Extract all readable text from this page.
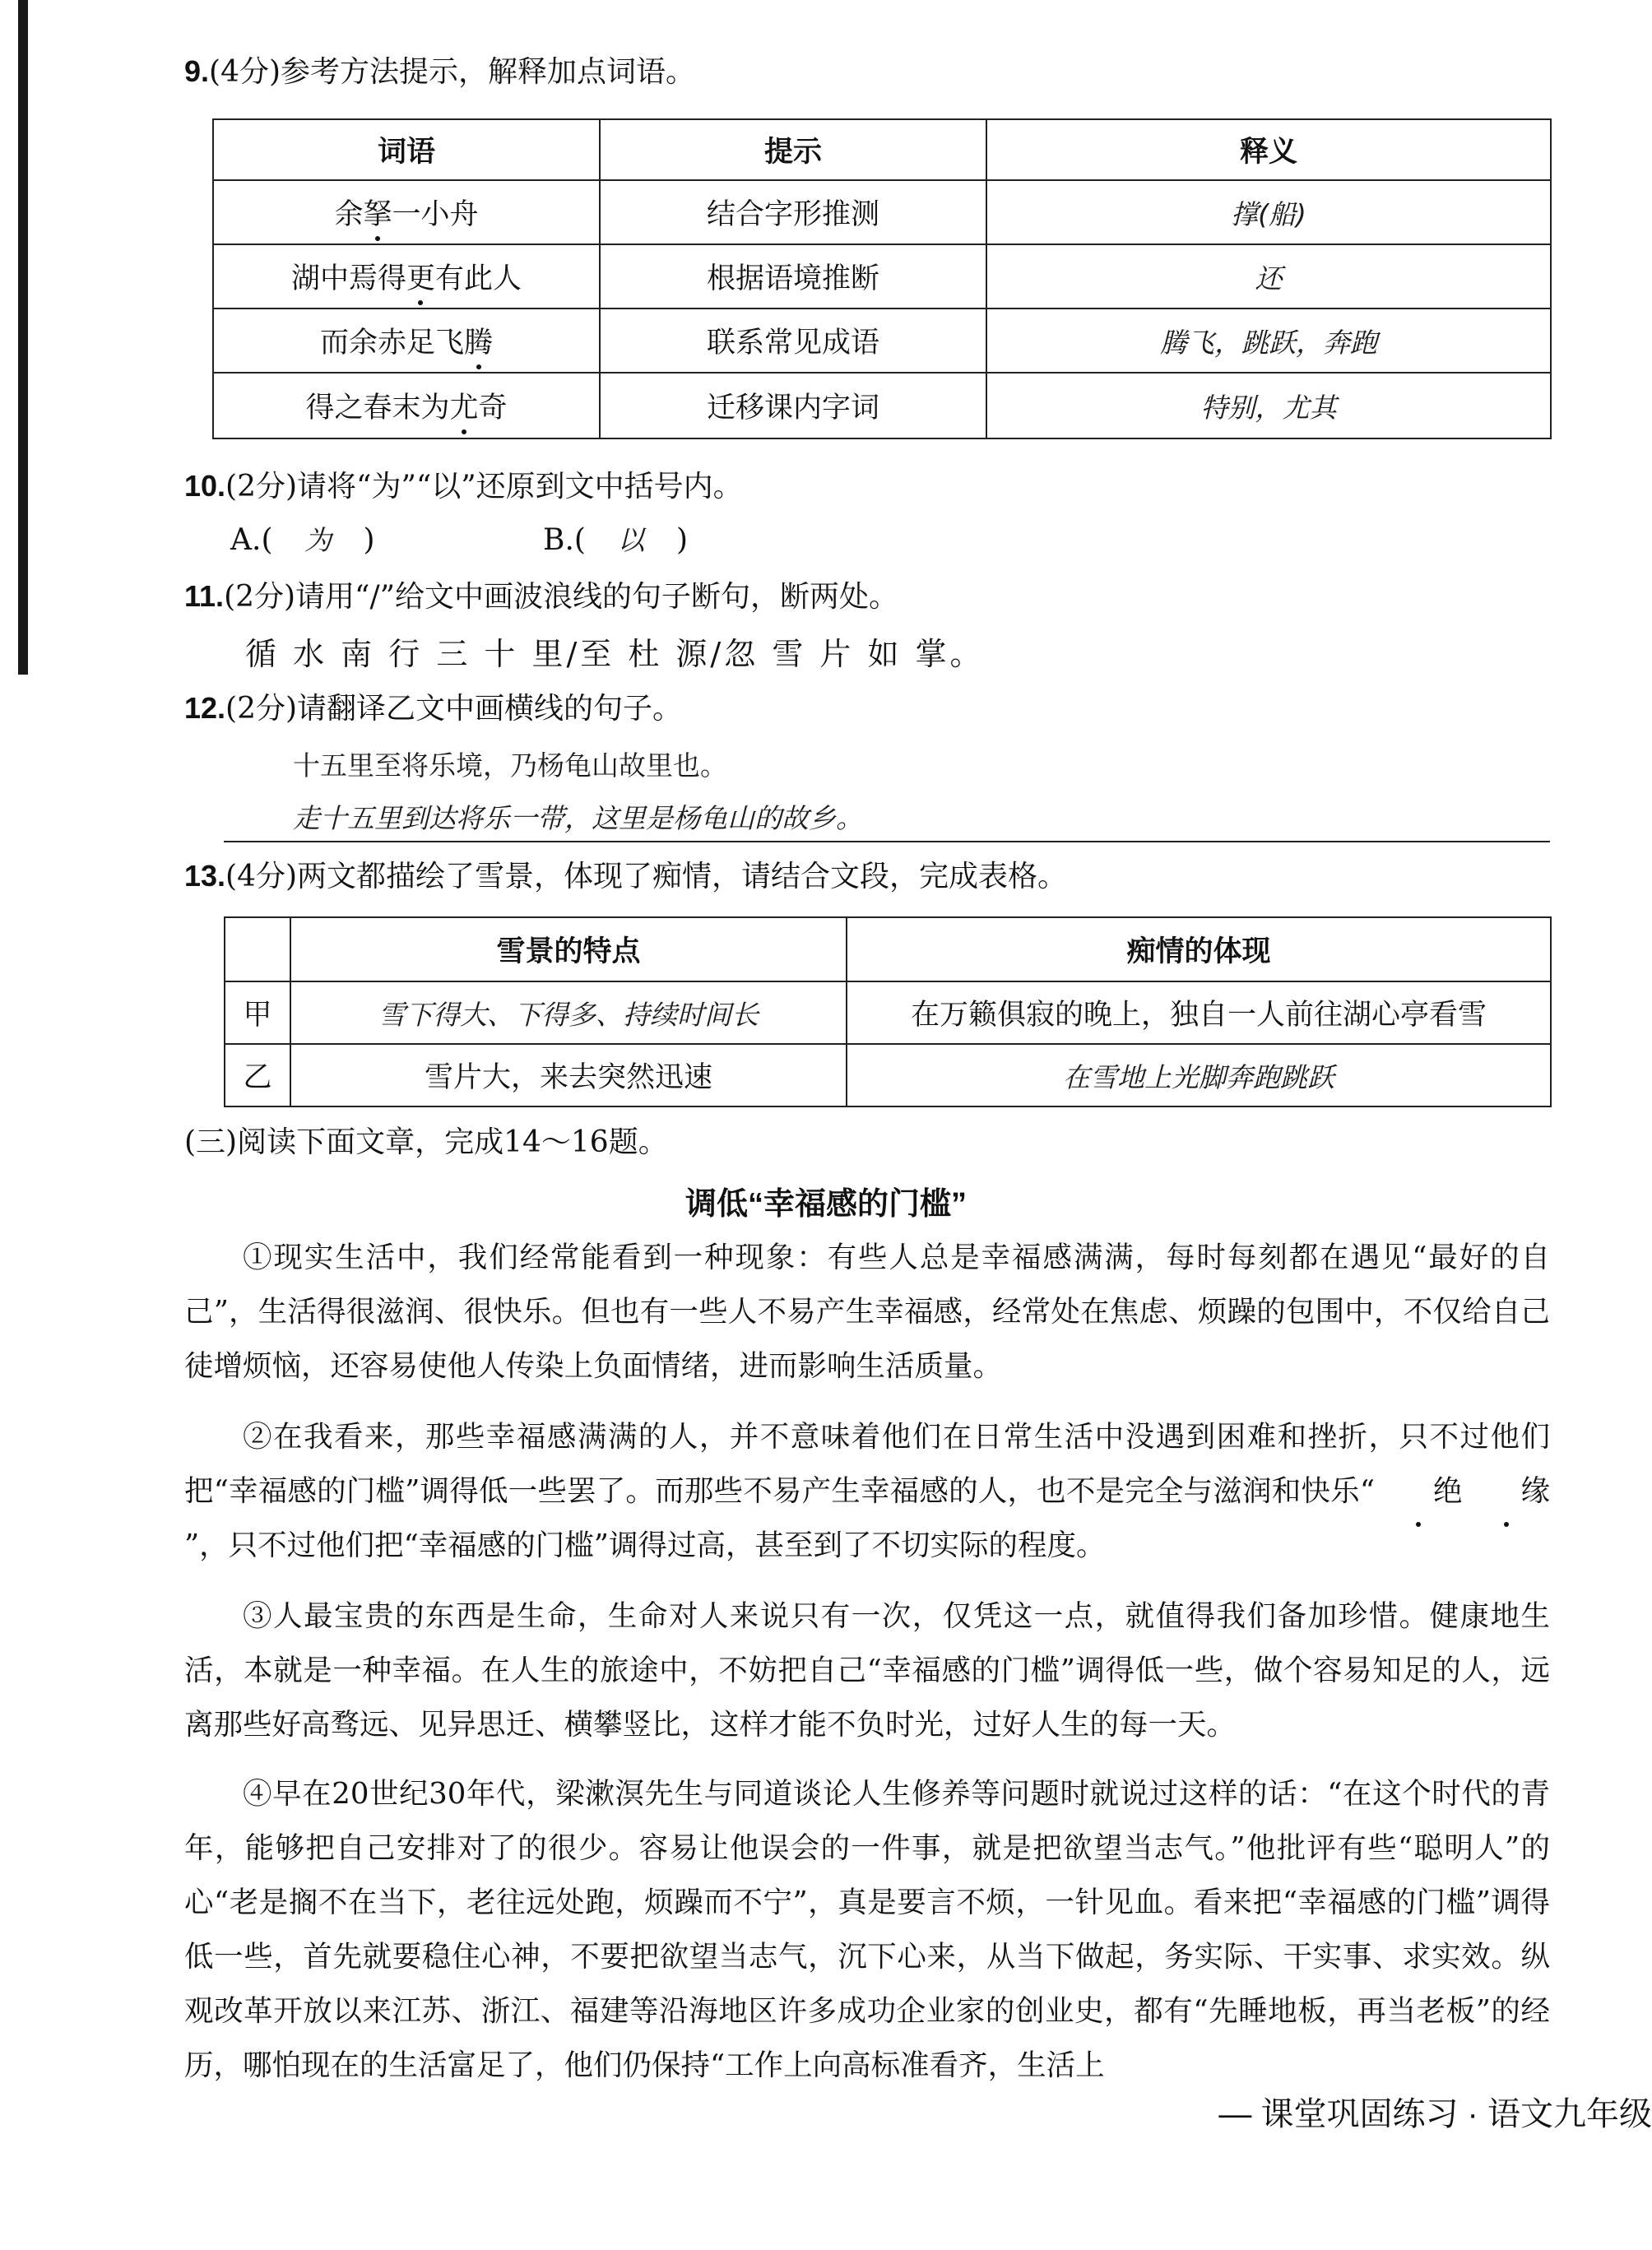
9.(4分)参考方法提示，解释加点词语。
词语	提示	释义
余拏一小舟	结合字形推测	撑(船)
湖中焉得更有此人	根据语境推断	还
而余赤足飞腾	联系常见成语	腾飞，跳跃，奔跑
得之春末为尤奇	迁移课内字词	特别，尤其
10.(2分)请将“为”“以”还原到文中括号内。
A.( 为 )	B.( 以 )
11.(2分)请用“/”给文中画波浪线的句子断句，断两处。
循 水 南 行 三 十 里/至 杜 源/忽 雪 片 如 掌。
12.(2分)请翻译乙文中画横线的句子。
十五里至将乐境，乃杨龟山故里也。
走十五里到达将乐一带，这里是杨龟山的故乡。
13.(4分)两文都描绘了雪景，体现了痴情，请结合文段，完成表格。
	雪景的特点	痴情的体现
甲	雪下得大、下得多、持续时间长	在万籁俱寂的晚上，独自一人前往湖心亭看雪
乙	雪片大，来去突然迅速	在雪地上光脚奔跑跳跃
(三)阅读下面文章，完成14～16题。
调低“幸福感的门槛”
①现实生活中，我们经常能看到一种现象：有些人总是幸福感满满，每时每刻都在遇见“最好的自己”，生活得很滋润、很快乐。但也有一些人不易产生幸福感，经常处在焦虑、烦躁的包围中，不仅给自己徒增烦恼，还容易使他人传染上负面情绪，进而影响生活质量。
②在我看来，那些幸福感满满的人，并不意味着他们在日常生活中没遇到困难和挫折，只不过他们把“幸福感的门槛”调得低一些罢了。而那些不易产生幸福感的人，也不是完全与滋润和快乐“ 绝 缘”，只不过他们把“幸福感的门槛”调得过高，甚至到了不切实际的程度。
③人最宝贵的东西是生命，生命对人来说只有一次，仅凭这一点，就值得我们备加珍惜。健康地生活，本就是一种幸福。在人生的旅途中，不妨把自己“幸福感的门槛”调得低一些，做个容易知足的人，远离那些好高骛远、见异思迁、横攀竖比，这样才能不负时光，过好人生的每一天。
④早在20世纪30年代，梁漱溟先生与同道谈论人生修养等问题时就说过这样的话：“在这个时代的青年，能够把自己安排对了的很少。容易让他误会的一件事，就是把欲望当志气。”他批评有些“聪明人”的心“老是搁不在当下，老往远处跑，烦躁而不宁”，真是要言不烦，一针见血。看来把“幸福感的门槛”调得低一些，首先就要稳住心神，不要把欲望当志气，沉下心来，从当下做起，务实际、干实事、求实效。纵观改革开放以来江苏、浙江、福建等沿海地区许多成功企业家的创业史，都有“先睡地板，再当老板”的经历，哪怕现在的生活富足了，他们仍保持“工作上向高标准看齐，生活上
— 课堂巩固练习 · 语文九年级
